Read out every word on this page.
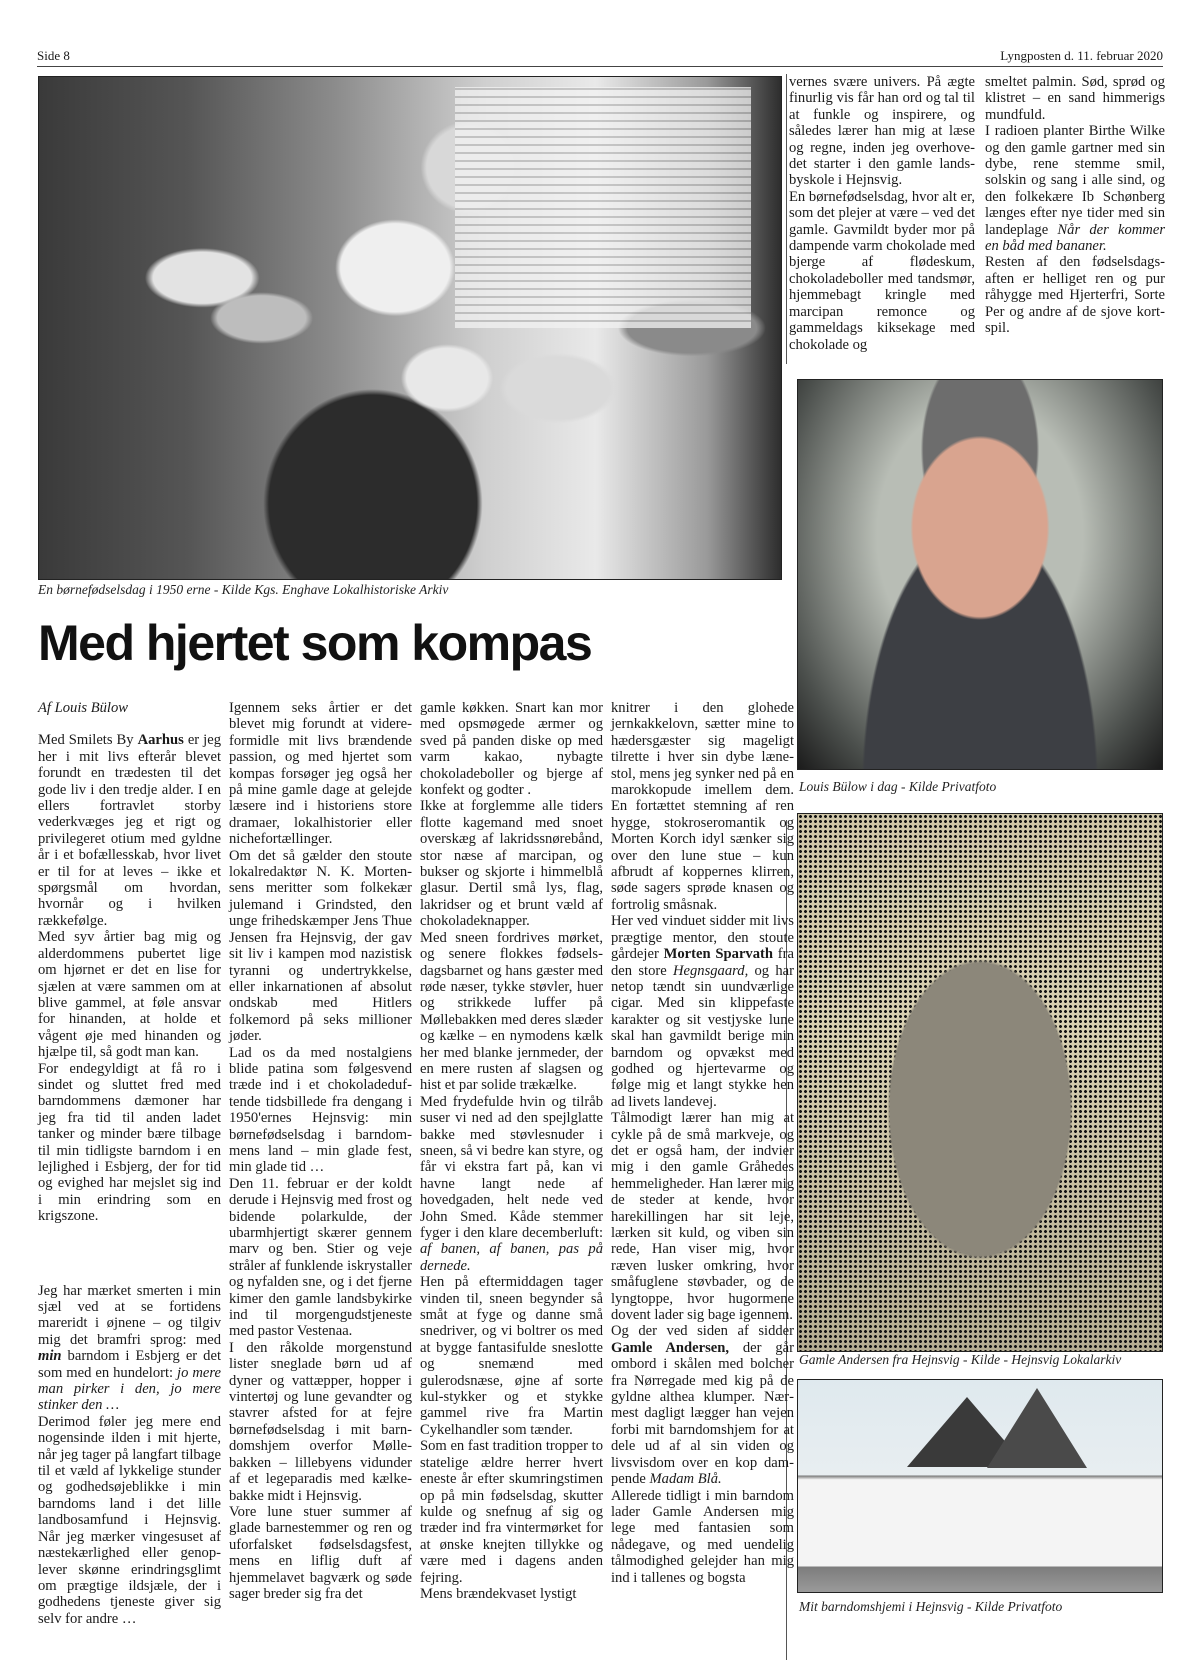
Side 8	Lyngposten d. 11. februar 2020
En børnefødselsdag i 1950 erne - Kilde Kgs. Enghave Lokalhistoriske Arkiv
Med hjertet som kompas
Louis Bülow i dag - Kilde Privatfoto
Gamle Andersen fra Hejnsvig - Kilde - Hejnsvig Lokalarkiv
Mit barndomshjemi i Hejnsvig - Kilde Privatfoto

Af Louis Bülow

Med Smilets By Aarhus er jeg her i mit livs efterår blevet forundt en trædesten til det gode liv i den tredje alder. I en ellers fortravlet storby vederkvæges jeg et rigt og privilegeret otium med gyldne år i et bofællesskab, hvor livet er til for at leves – ikke et spørgsmål om hvordan, hvornår og i hvilken rækkefølge.

Med syv årtier bag mig og alderdommens pubertet lige om hjørnet er det en lise for sjælen at være sammen om at blive gammel, at føle ansvar for hinanden, at holde et vågent øje med hinanden og hjælpe til, så godt man kan.

For endegyldigt at få ro i sindet og sluttet fred med barndommens dæmoner har jeg fra tid til anden ladet tanker og minder bære tilbage til min tidligste barndom i en lejlighed i Esbjerg, der for tid og evighed har mejslet sig ind i min erindring som en krigszone.

Jeg har mærket smerten i min sjæl ved at se fortidens mareridt i øjnene – og tilgiv mig det bramfri sprog: med min barndom i Esbjerg er det som med en hundelort: jo mere man pirker i den, jo mere stinker den …

Derimod føler jeg mere end nogensinde ilden i mit hjerte, når jeg tager på langfart tilbage til et væld af lykkelige stunder og godhedsøjeblikke i min barndoms land i det lille landbosamfund i Hejnsvig. Når jeg mærker vingesuset af næstekærlighed eller genoplever skønne erindringsglimt om prægtige ildsjæle, der i godhedens tjeneste giver sig selv for andre …

Igennem seks årtier er det blevet mig forundt at videreformidle mit livs brændende passion, og med hjertet som kompas forsøger jeg også her på mine gamle dage at gelejde læsere ind i historiens store dramaer, lokalhistorier eller nichefortællinger.

Om det så gælder den stoute lokalredaktør N. K. Mortensens meritter som folkekær julemand i Grindsted, den unge frihedskæmper Jens Thue Jensen fra Hejnsvig, der gav sit liv i kampen mod nazistisk tyranni og undertrykkelse, eller inkarnationen af absolut ondskab med Hitlers folkemord på seks millioner jøder.

Lad os da med nostalgiens blide patina som følgesvend træde ind i et chokoladeduftende tidsbillede fra dengang i 1950'ernes Hejnsvig: min børnefødselsdag i barndommens land – min glade fest, min glade tid …

Den 11. februar er der koldt derude i Hejnsvig med frost og bidende polarkulde, der ubarmhjertigt skærer gennem marv og ben. Stier og veje stråler af funklende iskrystaller og nyfalden sne, og i det fjerne kimer den gamle landsbykirke ind til morgengudstjeneste med pastor Vestenaa.

I den råkolde morgenstund lister sneglade børn ud af dyner og vattæpper, hopper i vintertøj og lune gevandter og stavrer afsted for at fejre børnefødselsdag i mit barndomshjem overfor Møllebakken – lillebyens vidunder af et legeparadis med kælkebakke midt i Hejnsvig.

Vore lune stuer summer af glade barnestemmer og ren og uforfalsket fødselsdagsfest, mens en liflig duft af hjemmelavet bagværk og søde sager breder sig fra det

gamle køkken. Snart kan mor med opsmøgede ærmer og sved på panden diske op med varm kakao, nybagte chokoladeboller og bjerge af konfekt og godter .

Ikke at forglemme alle tiders flotte kagemand med snoet overskæg af lakridssnørebånd, stor næse af marcipan, og bukser og skjorte i himmelblå glasur. Dertil små lys, flag, lakridser og et brunt væld af chokoladeknapper.

Med sneen fordrives mørket, og senere flokkes fødselsdagsbarnet og hans gæster med røde næser, tykke støvler, huer og strikkede luffer på Møllebakken med deres slæder og kælke – en nymodens kælk her med blanke jernmeder, der en mere rusten af slagsen og hist et par solide trækælke.

Med frydefulde hvin og tilråb suser vi ned ad den spejlglatte bakke med støvlesnuder i sneen, så vi bedre kan styre, og får vi ekstra fart på, kan vi havne langt nede af hovedgaden, helt nede ved John Smed. Kåde stemmer fyger i den klare decemberluft: af banen, af banen, pas på dernede.

Hen på eftermiddagen tager vinden til, sneen begynder så småt at fyge og danne små snedriver, og vi boltrer os med at bygge fantasifulde sneslotte og snemænd med gulerodsnæse, øjne af sorte kul-stykker og et stykke gammel rive fra Martin Cykelhandler som tænder.

Som en fast tradition tropper to statelige ældre herrer hvert eneste år efter skumringstimen op på min fødselsdag, skutter kulde og snefnug af sig og træder ind fra vintermørket for at ønske knejten tillykke og være med i dagens anden fejring.

Mens brændekvaset lystigt

knitrer i den glohede jernkakkelovn, sætter mine to hædersgæster sig mageligt tilrette i hver sin dybe lænestol, mens jeg synker ned på en marokkopude imellem dem. En fortættet stemning af ren hygge, stokroseromantik og Morten Korch idyl sænker sig over den lune stue – kun afbrudt af koppernes klirren, søde sagers sprøde knasen og fortrolig småsnak.

Her ved vinduet sidder mit livs prægtige mentor, den stoute gårdejer Morten Sparvath fra den store Hegnsgaard, og har netop tændt sin uundværlige cigar. Med sin klippefaste karakter og sit vestjyske lune skal han gavmildt berige min barndom og opvækst med godhed og hjertevarme og følge mig et langt stykke hen ad livets landevej.

Tålmodigt lærer han mig at cykle på de små markveje, og det er også ham, der indvier mig i den gamle Gråhedes hemmeligheder. Han lærer mig de steder at kende, hvor harekillingen har sit leje, lærken sit kuld, og viben sin rede, Han viser mig, hvor ræven lusker omkring, hvor småfuglene støvbader, og de lyngtoppe, hvor hugormene dovent lader sig bage igennem.

Og der ved siden af sidder Gamle Andersen, der går ombord i skålen med bolcher fra Nørregade med kig på de gyldne althea klumper. Nærmest dagligt lægger han vejen forbi mit barndomshjem for at dele ud af al sin viden og livsvisdom over en kop dampende Madam Blå.

Allerede tidligt i min barndom lader Gamle Andersen mig lege med fantasien som nådegave, og med uendelig tålmodighed gelejder han mig ind i tallenes og bogsta

vernes svære univers. På ægte finurlig vis får han ord og tal til at funkle og inspirere, og således lærer han mig at læse og regne, inden jeg overhovedet starter i den gamle landsbyskole i Hejnsvig.

En børnefødselsdag, hvor alt er, som det plejer at være – ved det gamle. Gavmildt byder mor på dampende varm chokolade med bjerge af flødeskum, chokoladeboller med tandsmør, hjemmebagt kringle med marcipan remonce og gammeldags kiksekage med chokolade og

smeltet palmin. Sød, sprød og klistret – en sand himmerigs mundfuld.

I radioen planter Birthe Wilke og den gamle gartner med sin dybe, rene stemme smil, solskin og sang i alle sind, og den folkekære Ib Schønberg længes efter nye tider med sin landeplage Når der kommer en båd med bananer.

Resten af den fødselsdagsaften er helliget ren og pur råhygge med Hjerterfri, Sorte Per og andre af de sjove kortspil.
